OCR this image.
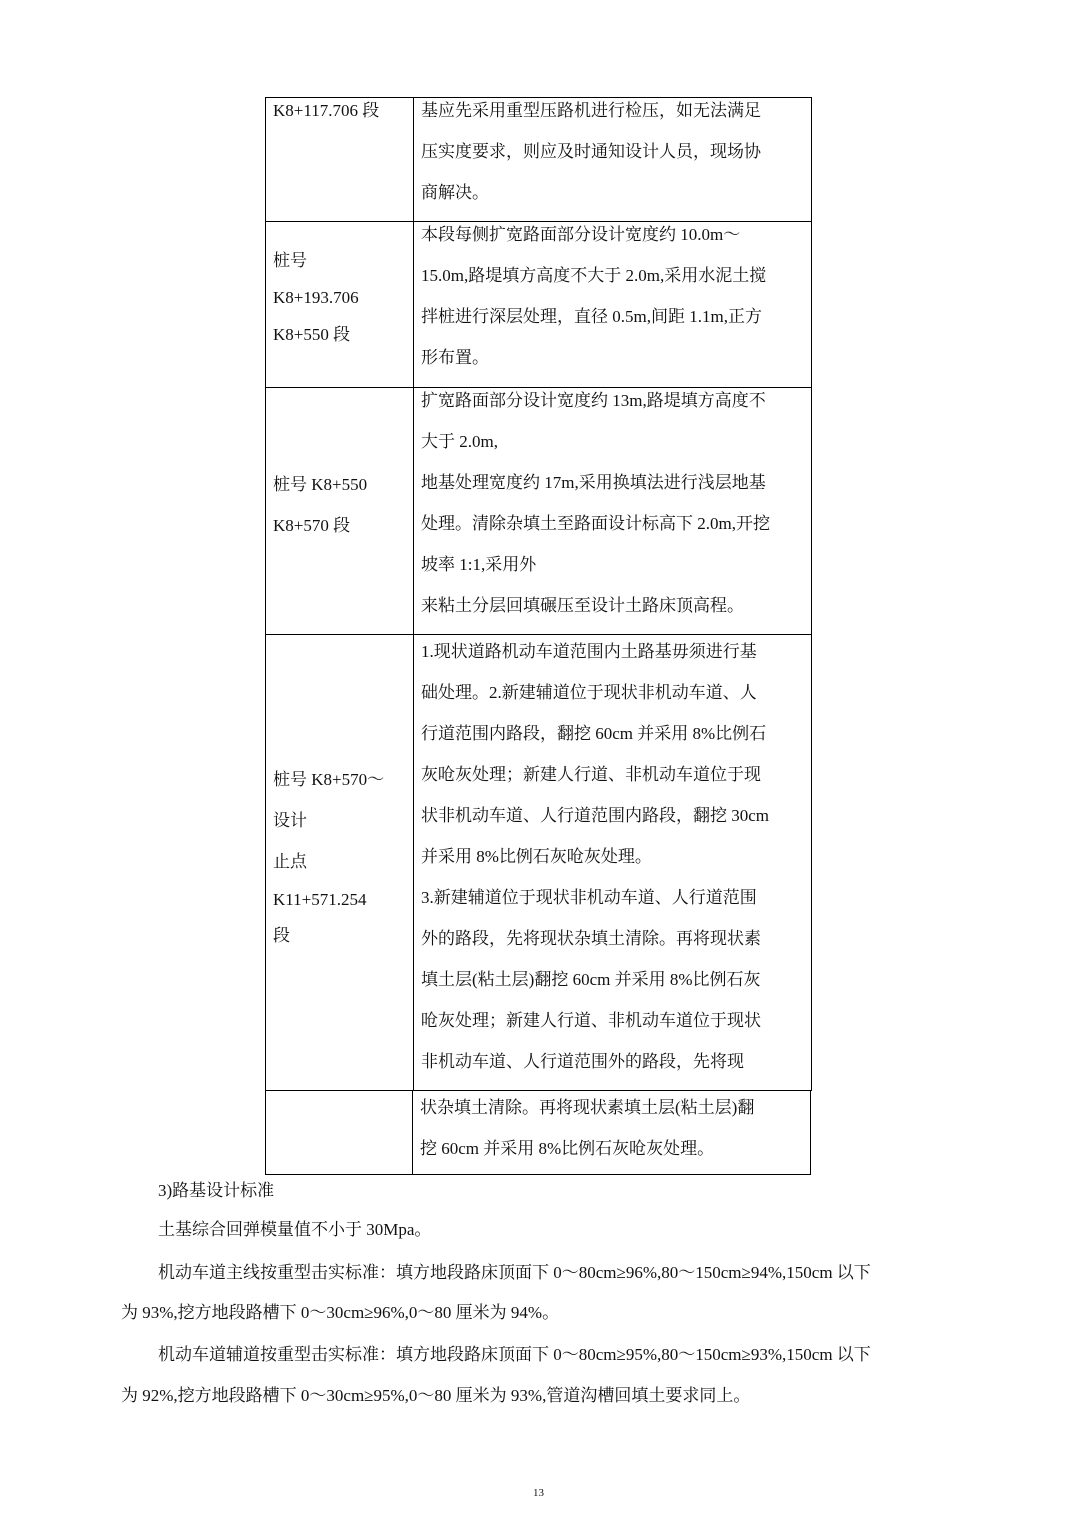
K8+117.706 段	基应先采用重型压路机进行检压，如无法满足
压实度要求，则应及时通知设计人员，现场协
商解决。
桩号
K8+193.706
K8+550 段
本段每侧扩宽路面部分设计宽度约 10.0m～
15.0m,路堤填方高度不大于 2.0m,采用水泥土搅
拌桩进行深层处理，直径 0.5m,间距 1.1m,正方
形布置。
桩号 K8+550
K8+570 段
扩宽路面部分设计宽度约 13m,路堤填方高度不
大于 2.0m,
地基处理宽度约 17m,采用换填法进行浅层地基
处理。清除杂填土至路面设计标高下 2.0m,开挖
坡率 1:1,采用外
来粘土分层回填碾压至设计土路床顶高程。
桩号 K8+570～
设计
止点
K11+571.254
段
1.现状道路机动车道范围内土路基毋须进行基
础处理。2.新建辅道位于现状非机动车道、人
行道范围内路段，翻挖 60cm 并采用 8%比例石
灰呛灰处理；新建人行道、非机动车道位于现
状非机动车道、人行道范围内路段，翻挖 30cm
并采用 8%比例石灰呛灰处理。
3.新建辅道位于现状非机动车道、人行道范围
外的路段，先将现状杂填土清除。再将现状素
填土层(粘土层)翻挖 60cm 并采用 8%比例石灰
呛灰处理；新建人行道、非机动车道位于现状
非机动车道、人行道范围外的路段，先将现
状杂填土清除。再将现状素填土层(粘土层)翻
挖 60cm 并采用 8%比例石灰呛灰处理。
3)路基设计标准
土基综合回弹模量值不小于 30Mpa。
机动车道主线按重型击实标准：填方地段路床顶面下 0～80cm≥96%,80～150cm≥94%,150cm 以下
为 93%,挖方地段路槽下 0～30cm≥96%,0～80 厘米为 94%。
机动车道辅道按重型击实标准：填方地段路床顶面下 0～80cm≥95%,80～150cm≥93%,150cm 以下
为 92%,挖方地段路槽下 0～30cm≥95%,0～80 厘米为 93%,管道沟槽回填土要求同上。
13
